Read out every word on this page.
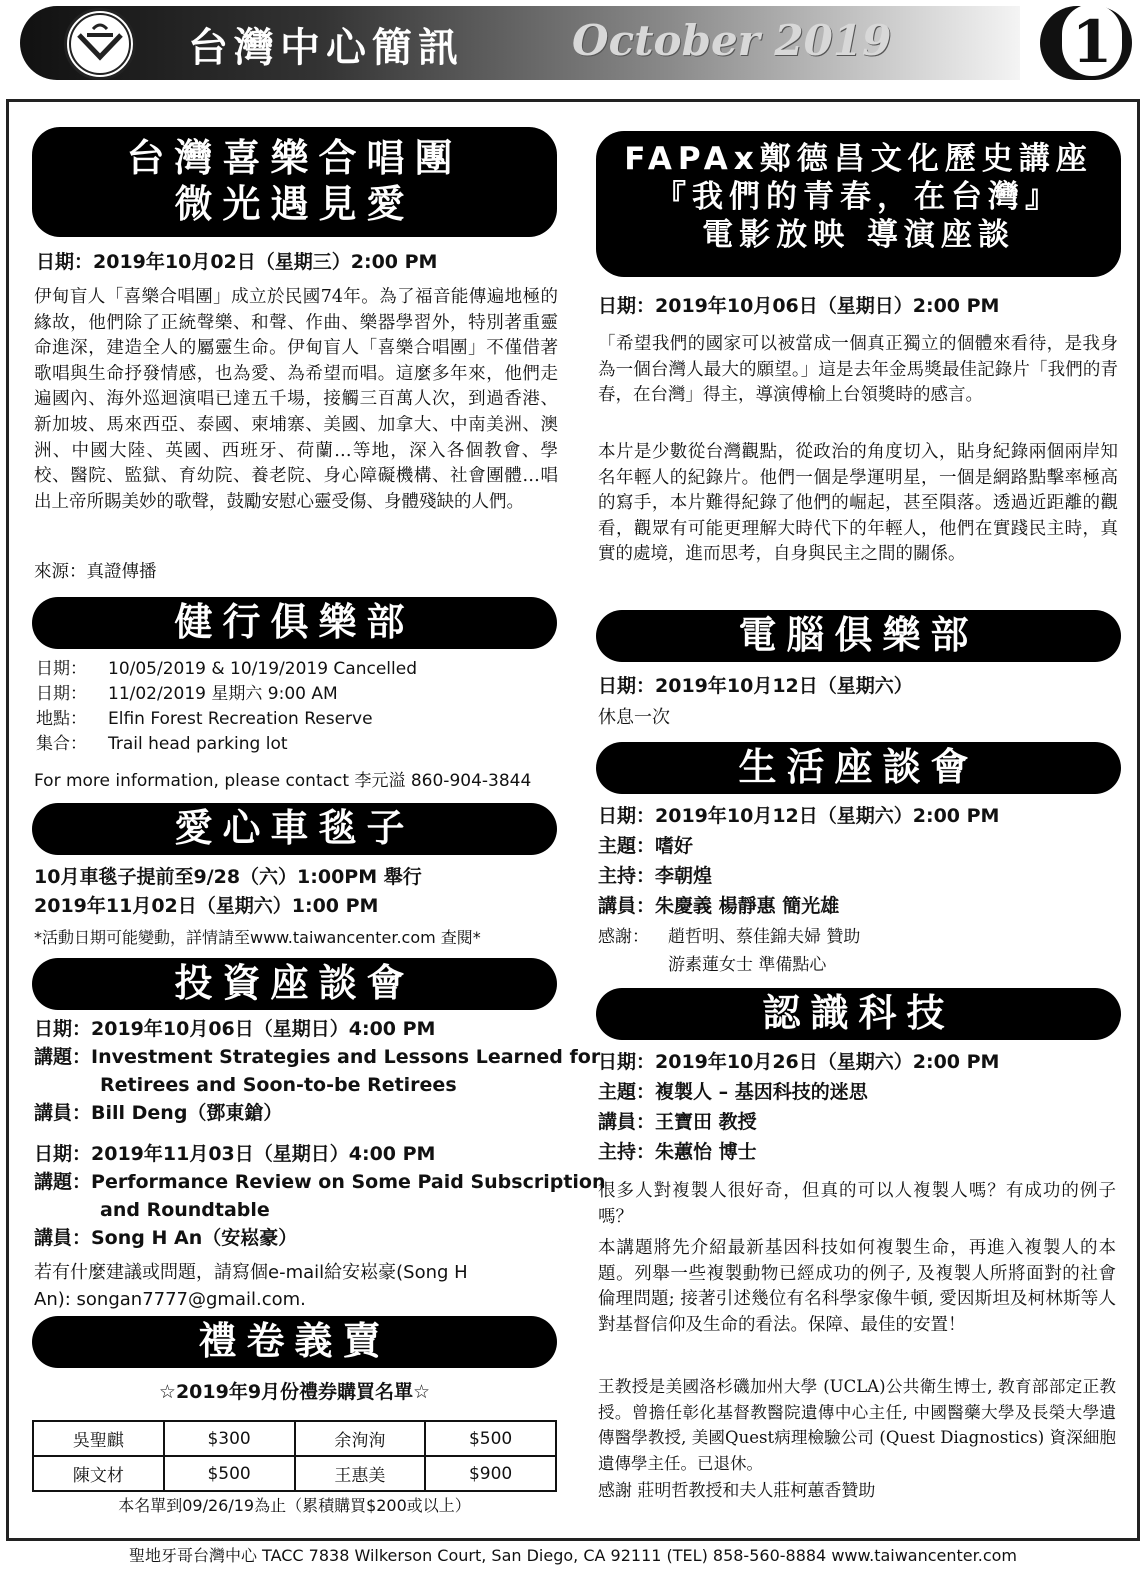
台灣中心簡訊	October 2019	1
台灣喜樂合唱團
微光遇見愛
日期：2019年10月02日（星期三）2:00 PM
伊甸盲人「喜樂合唱團」成立於民國74年。為了福音能傳遍地極的緣故，他們除了正統聲樂、和聲、作曲、樂器學習外，特別著重靈命進深，建造全人的屬靈生命。伊甸盲人「喜樂合唱團」不僅借著歌唱與生命抒發情感，也為愛、為希望而唱。這麼多年來，他們走遍國內、海外巡迴演唱已達五千場，接觸三百萬人次，到過香港、新加坡、馬來西亞、泰國、柬埔寨、美國、加拿大、中南美洲、澳洲、中國大陸、英國、西班牙、荷蘭…等地，深入各個教會、學校、醫院、監獄、育幼院、養老院、身心障礙機構、社會團體…唱出上帝所賜美妙的歌聲，鼓勵安慰心靈受傷、身體殘缺的人們。
來源：真證傳播
健行俱樂部
日期： 10/05/2019 & 10/19/2019 Cancelled
日期： 11/02/2019 星期六 9:00 AM
地點： Elfin Forest Recreation Reserve
集合： Trail head parking lot
For more information, please contact 李元溢 860-904-3844
愛心車毯子
10月車毯子提前至9/28（六）1:00PM 舉行
2019年11月02日（星期六）1:00 PM
*活動日期可能變動，詳情請至www.taiwancenter.com 查閱*
投資座談會
日期：2019年10月06日（星期日）4:00 PM
講題：Investment Strategies and Lessons Learned for
Retirees and Soon-to-be Retirees
講員：Bill Deng（鄧東鎗）
日期：2019年11月03日（星期日）4:00 PM
講題：Performance Review on Some Paid Subscription
and Roundtable
講員：Song H An（安崧豪）
若有什麼建議或問題，請寫個e-mail給安崧豪(Song H
An): songan7777@gmail.com.
禮卷義賣
☆2019年9月份禮券購買名單☆
吳聖麒	$300	余洵洵	$500
陳文材	$500	王惠美	$900
本名單到09/26/19為止（累積購買$200或以上）
FAPAx鄭德昌文化歷史講座
『我們的青春，在台灣』
電影放映 導演座談
日期：2019年10月06日（星期日）2:00 PM
「希望我們的國家可以被當成一個真正獨立的個體來看待，是我身為一個台灣人最大的願望。」這是去年金馬獎最佳記錄片「我們的青春，在台灣」得主，導演傅榆上台領獎時的感言。
本片是少數從台灣觀點，從政治的角度切入，貼身紀錄兩個兩岸知名年輕人的紀錄片。他們一個是學運明星，一個是網路點擊率極高的寫手，本片難得紀錄了他們的崛起，甚至隕落。透過近距離的觀看，觀眾有可能更理解大時代下的年輕人，他們在實踐民主時，真實的處境，進而思考，自身與民主之間的關係。
電腦俱樂部
日期：2019年10月12日（星期六）
休息一次
生活座談會
日期：2019年10月12日（星期六）2:00 PM
主題：嗜好
主持：李朝煌
講員：朱慶義 楊靜惠 簡光雄
感謝： 趙哲明、蔡佳錦夫婦 贊助
游素蓮女士 準備點心
認識科技
日期：2019年10月26日（星期六）2:00 PM
主題：複製人 – 基因科技的迷思
講員：王寶田 教授
主持：朱蕙怡 博士
很多人對複製人很好奇，但真的可以人複製人嗎？有成功的例子嗎？
本講題將先介紹最新基因科技如何複製生命，再進入複製人的本題。列舉一些複製動物已經成功的例子, 及複製人所將面對的社會倫理問題; 接著引述幾位有名科學家像牛頓, 愛因斯坦及柯林斯等人對基督信仰及生命的看法。保障、最佳的安置！
王教授是美國洛杉磯加州大學 (UCLA)公共衛生博士, 教育部部定正教授。曾擔任彰化基督教醫院遺傳中心主任, 中國醫藥大學及長榮大學遺傳醫學教授, 美國Quest病理檢驗公司 (Quest Diagnostics) 資深細胞遺傳學主任。已退休。
感謝 莊明哲教授和夫人莊柯蕙香贊助
聖地牙哥台灣中心 TACC 7838 Wilkerson Court, San Diego, CA 92111 (TEL) 858-560-8884 www.taiwancenter.com
